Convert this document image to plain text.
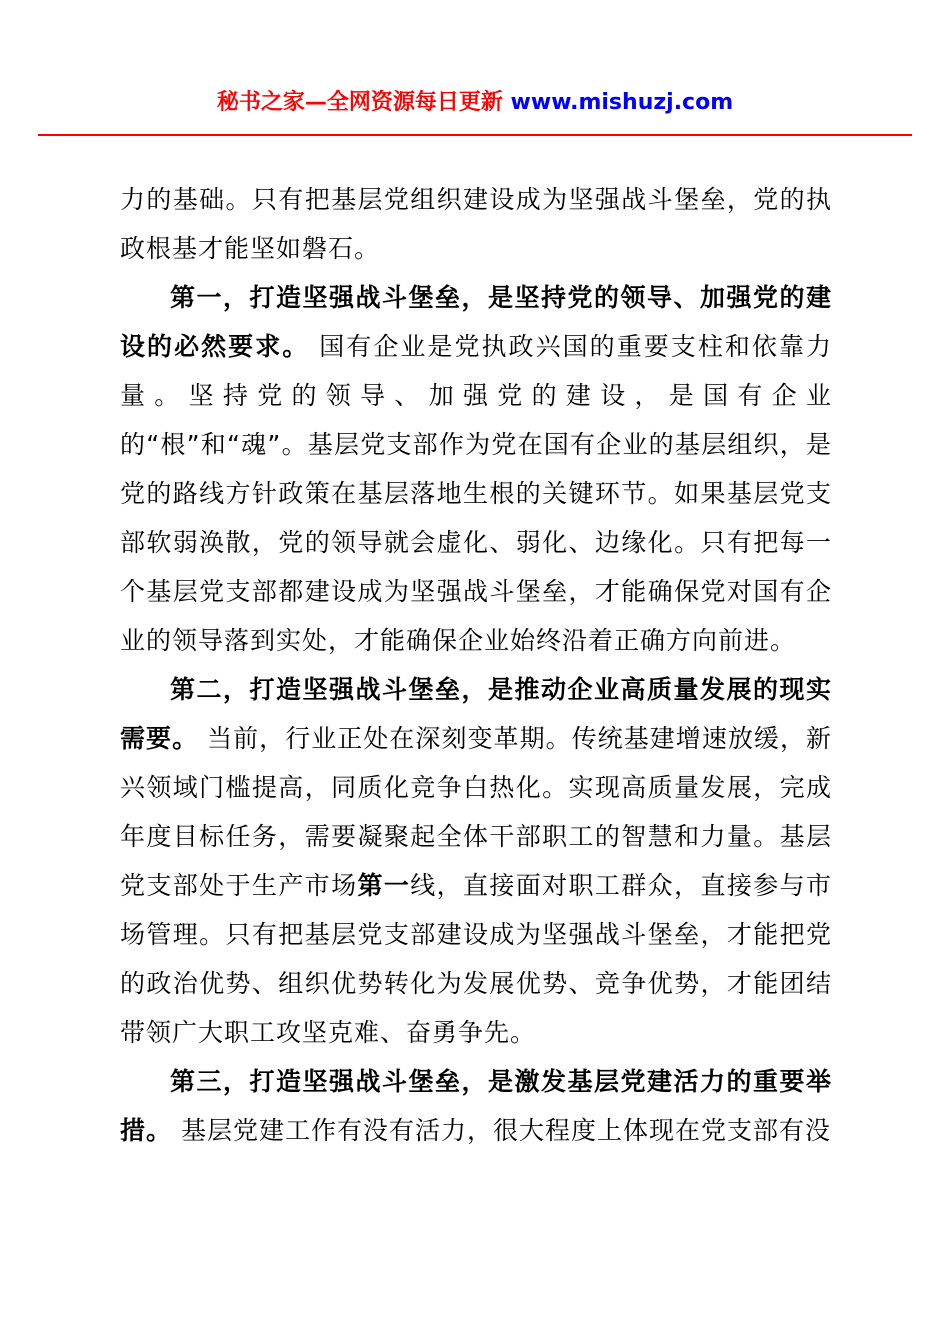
秘书之家—全网资源每日更新 www.mishuzj.com

力的基础。只有把基层党组织建设成为坚强战斗堡垒，党的执政根基才能坚如磐石。

第一，打造坚强战斗堡垒，是坚持党的领导、加强党的建设的必然要求。 国有企业是党执政兴国的重要支柱和依靠力量。坚持党的领导、加强党的建设，是国有企业的“根”和“魂”。基层党支部作为党在国有企业的基层组织，是党的路线方针政策在基层落地生根的关键环节。如果基层党支部软弱涣散，党的领导就会虚化、弱化、边缘化。只有把每一个基层党支部都建设成为坚强战斗堡垒，才能确保党对国有企业的领导落到实处，才能确保企业始终沿着正确方向前进。

第二，打造坚强战斗堡垒，是推动企业高质量发展的现实需要。 当前，行业正处在深刻变革期。传统基建增速放缓，新兴领域门槛提高，同质化竞争白热化。实现高质量发展，完成年度目标任务，需要凝聚起全体干部职工的智慧和力量。基层党支部处于生产市场第一线，直接面对职工群众，直接参与市场管理。只有把基层党支部建设成为坚强战斗堡垒，才能把党的政治优势、组织优势转化为发展优势、竞争优势，才能团结带领广大职工攻坚克难、奋勇争先。

第三，打造坚强战斗堡垒，是激发基层党建活力的重要举措。 基层党建工作有没有活力，很大程度上体现在党支部有没
